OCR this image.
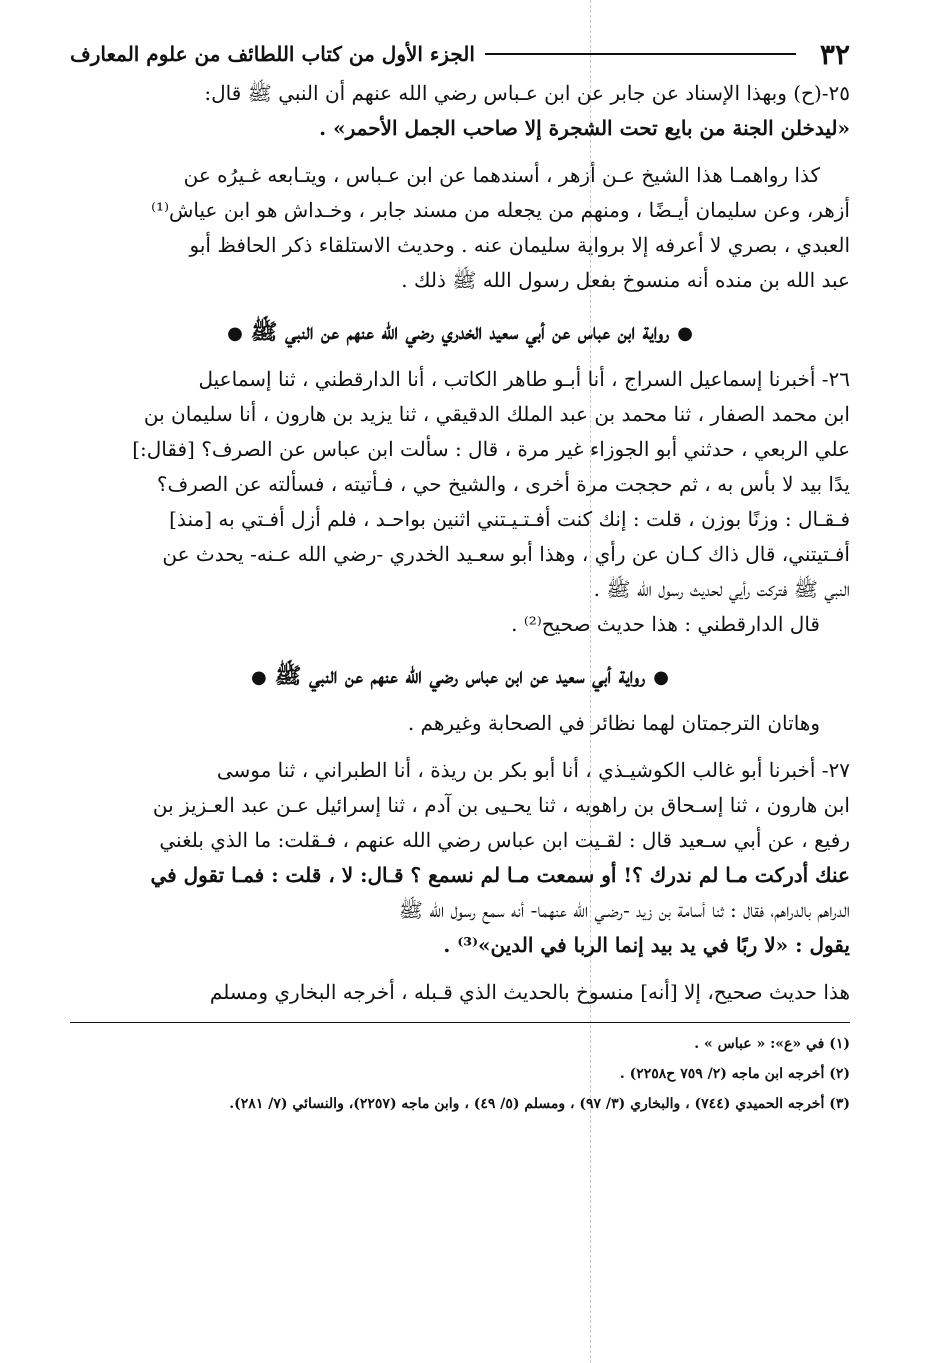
٣٢
الجزء الأول من كتاب اللطائف من علوم المعارف

٢٥-(ح) وبهذا الإسناد عن جابر عن ابن عـباس رضي الله عنهم أن النبي ﷺ قال:

«ليدخلن الجنة من بايع تحت الشجرة إلا صاحب الجمل الأحمر» .

كذا رواهمـا هذا الشيخ عـن أزهر ، أسندهما عن ابن عـباس ، ويتـابعه غـيرُه عن

أزهر، وعن سليمان أيـضًا ، ومنهم من يجعله من مسند جابر ، وخـداش هو ابن عياش⁽¹⁾

العبدي ، بصري لا أعرفه إلا برواية سليمان عنه . وحديث الاستلقاء ذكر الحافظ أبو

عبد الله بن منده أنه منسوخ بفعل رسول الله ﷺ ذلك .

●رواية ابن عباس عن أبي سعيد الخدري رضي الله عنهم عن النبي ﷺ●

٢٦- أخبرنا إسماعيل السراج ، أنا أبـو طاهر الكاتب ، أنا الدارقطني ، ثنا إسماعيل

ابن محمد الصفار ، ثنا محمد بن عبد الملك الدقيقي ، ثنا يزيد بن هارون ، أنا سليمان بن

علي الربعي ، حدثني أبو الجوزاء غير مرة ، قال : سألت ابن عباس عن الصرف؟ [فقال:]

يدًا بيد لا بأس به ، ثم حججت مرة أخرى ، والشيخ حي ، فـأتيته ، فسألته عن الصرف؟

فـقـال : وزنًا بوزن ، قلت : إنك كنت أفـتـيـتني اثنين بواحـد ، فلم أزل أفـتي به [منذ]

أفـتيتني، قال ذاك كـان عن رأي ، وهذا أبو سعـيد الخدري -رضي الله عـنه- يحدث عن

النبي ﷺ فتركت رأيي لحديث رسول الله ﷺ .

قال الدارقطني : هذا حديث صحيح⁽²⁾ .

●رواية أبي سعيد عن ابن عباس رضي الله عنهم عن النبي ﷺ●

وهاتان الترجمتان لهما نظائر في الصحابة وغيرهم .

٢٧- أخبرنا أبو غالب الكوشيـذي ، أنا أبو بكر بن ريذة ، أنا الطبراني ، ثنا موسى

ابن هارون ، ثنا إسـحاق بن راهويه ، ثنا يحـيى بن آدم ، ثنا إسرائيل عـن عبد العـزيز بن

رفيع ، عن أبي سـعيد قال : لقـيت ابن عباس رضي الله عنهم ، فـقلت: ما الذي بلغني

عنك أدركت مـا لم ندرك ؟! أو سمعت مـا لم نسمع ؟ قـال: لا ، قلت : فمـا تقول في

الدراهم بالدراهم، فقال : ثنا أسامة بن زيد -رضـي الله عنهما- أنه سمع رسول الله ﷺ

يقول : «لا ربًا في يد بيد إنما الربا في الدين»⁽³⁾ .

هذا حديث صحيح، إلا [أنه] منسوخ بالحديث الذي قـبله ، أخرجه البخاري ومسلم

(١) في «ع»: « عباس » .

(٢) أخرجه ابن ماجه (٢/ ٧٥٩ ح٢٢٥٨) .

(٣) أخرجه الحميدي (٧٤٤) ، والبخاري (٣/ ٩٧) ، ومسلم (٥/ ٤٩) ، وابن ماجه (٢٢٥٧)، والنسائي (٧/ ٢٨١).
